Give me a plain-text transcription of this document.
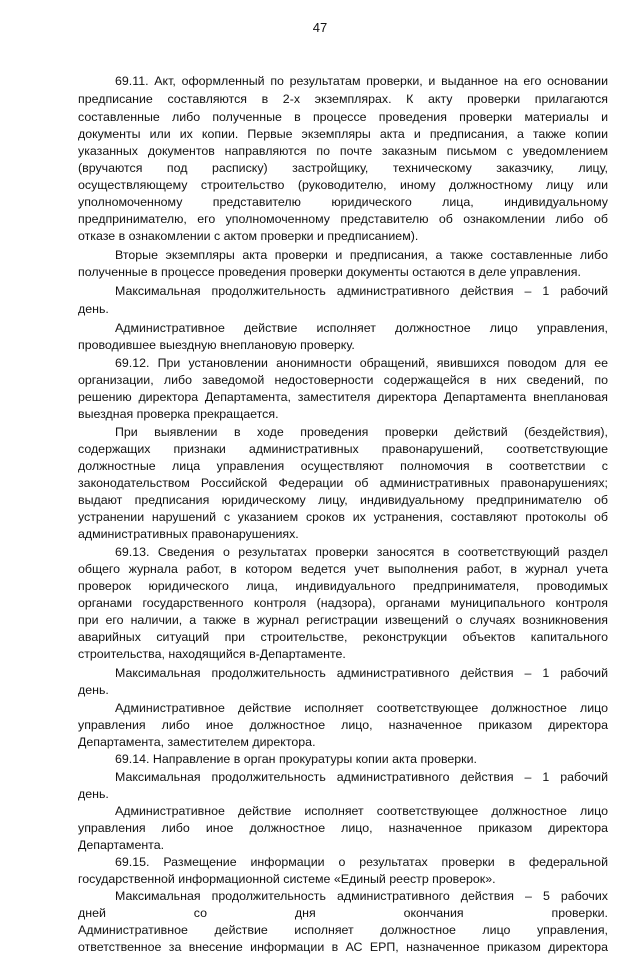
47
69.11. Акт, оформленный по результатам проверки, и выданное на его основании
предписание составляются в 2-х экземплярах. К акту проверки прилагаются
составленные либо полученные в процессе проведения проверки материалы и
документы или их копии. Первые экземпляры акта и предписания, а также копии
указанных документов направляются по почте заказным письмом с уведомлением
(вручаются под расписку) застройщику, техническому заказчику, лицу,
осуществляющему строительство (руководителю, иному должностному лицу или
уполномоченному представителю юридического лица, индивидуальному
предпринимателю, его уполномоченному представителю об ознакомлении либо об
отказе в ознакомлении с актом проверки и предписанием).
Вторые экземпляры акта проверки и предписания, а также составленные либо
полученные в процессе проведения проверки документы остаются в деле управления.
Максимальная продолжительность административного действия – 1 рабочий
день.
Административное действие исполняет должностное лицо управления,
проводившее выездную внеплановую проверку.
69.12. При установлении анонимности обращений, явившихся поводом для ее
организации, либо заведомой недостоверности содержащейся в них сведений, по
решению директора Департамента, заместителя директора Департамента внеплановая
выездная проверка прекращается.
При выявлении в ходе проведения проверки действий (бездействия),
содержащих признаки административных правонарушений, соответствующие
должностные лица управления осуществляют полномочия в соответствии с
законодательством Российской Федерации об административных правонарушениях;
выдают предписания юридическому лицу, индивидуальному предпринимателю об
устранении нарушений с указанием сроков их устранения, составляют протоколы об
административных правонарушениях.
69.13. Сведения о результатах проверки заносятся в соответствующий раздел
общего журнала работ, в котором ведется учет выполнения работ, в журнал учета
проверок юридического лица, индивидуального предпринимателя, проводимых
органами государственного контроля (надзора), органами муниципального контроля
при его наличии, а также в журнал регистрации извещений о случаях возникновения
аварийных ситуаций при строительстве, реконструкции объектов капитального
строительства, находящийся в-Департаменте.
Максимальная продолжительность административного действия – 1 рабочий
день.
Административное действие исполняет соответствующее должностное лицо
управления либо иное должностное лицо, назначенное приказом директора
Департамента, заместителем директора.
69.14. Направление в орган прокуратуры копии акта проверки.
Максимальная продолжительность административного действия – 1 рабочий
день.
Административное действие исполняет соответствующее должностное лицо
управления либо иное должностное лицо, назначенное приказом директора
Департамента.
69.15. Размещение информации о результатах проверки в федеральной
государственной информационной системе «Единый реестр проверок».
Максимальная продолжительность административного действия – 5 рабочих
дней со дня окончания проверки.
Административное действие исполняет должностное лицо управления,
ответственное за внесение информации в АС ЕРП, назначенное приказом директора
